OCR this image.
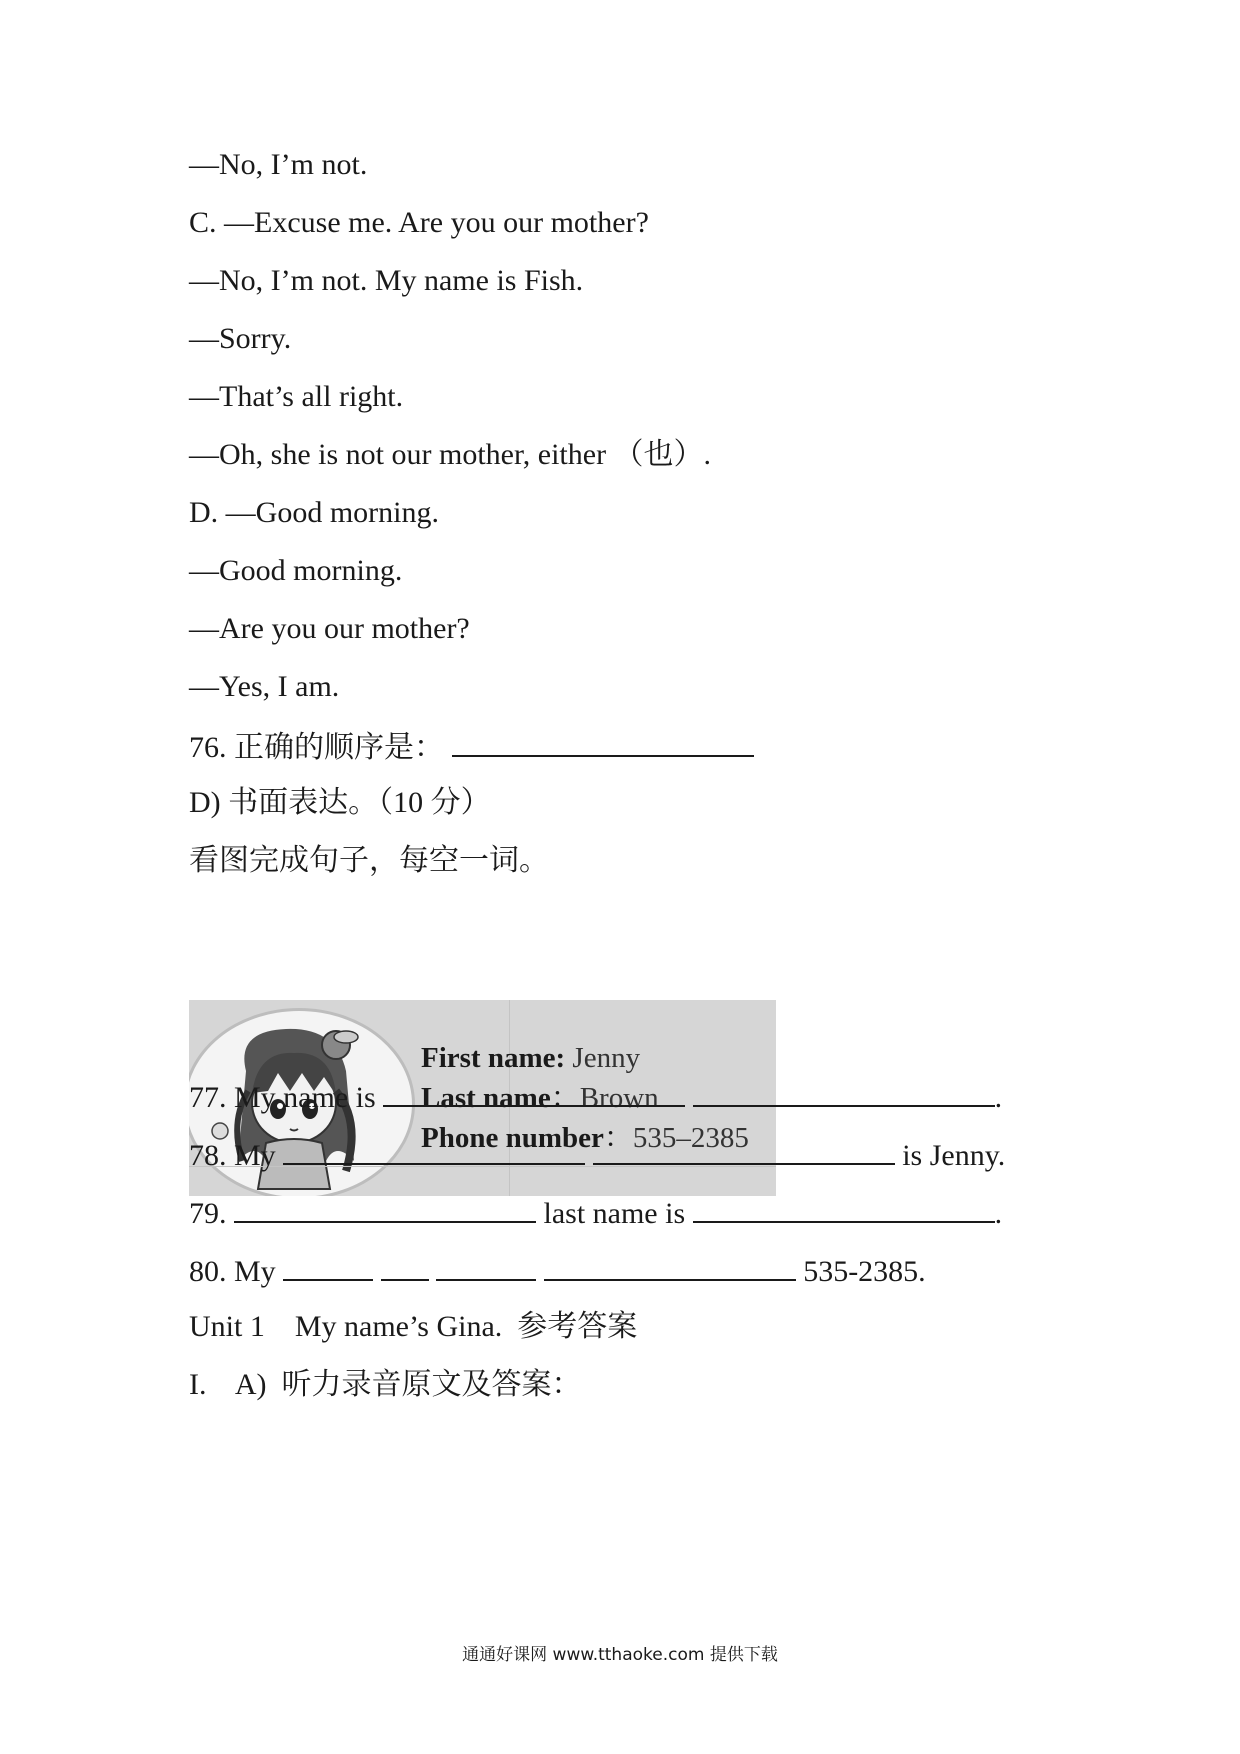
—No, I’m not.
C. —Excuse me. Are you our mother?
—No, I’m not. My name is Fish.
—Sorry.
—That’s all right.
—Oh, she is not our mother, either （也）.
D. —Good morning.
—Good morning.
—Are you our mother?
—Yes, I am.
76. 正确的顺序是：
D) 书面表达。（10 分）
看图完成句子，每空一词。
First name: Jenny
Last name：Brown
Phone number：535–2385
77. My name is	.
78. My	is Jenny.
79.	last name is	.
80. My	535-2385.
Unit 1    My name’s Gina.  参考答案
I.    A)  听力录音原文及答案：
通通好课网 www.tthaoke.com 提供下载
